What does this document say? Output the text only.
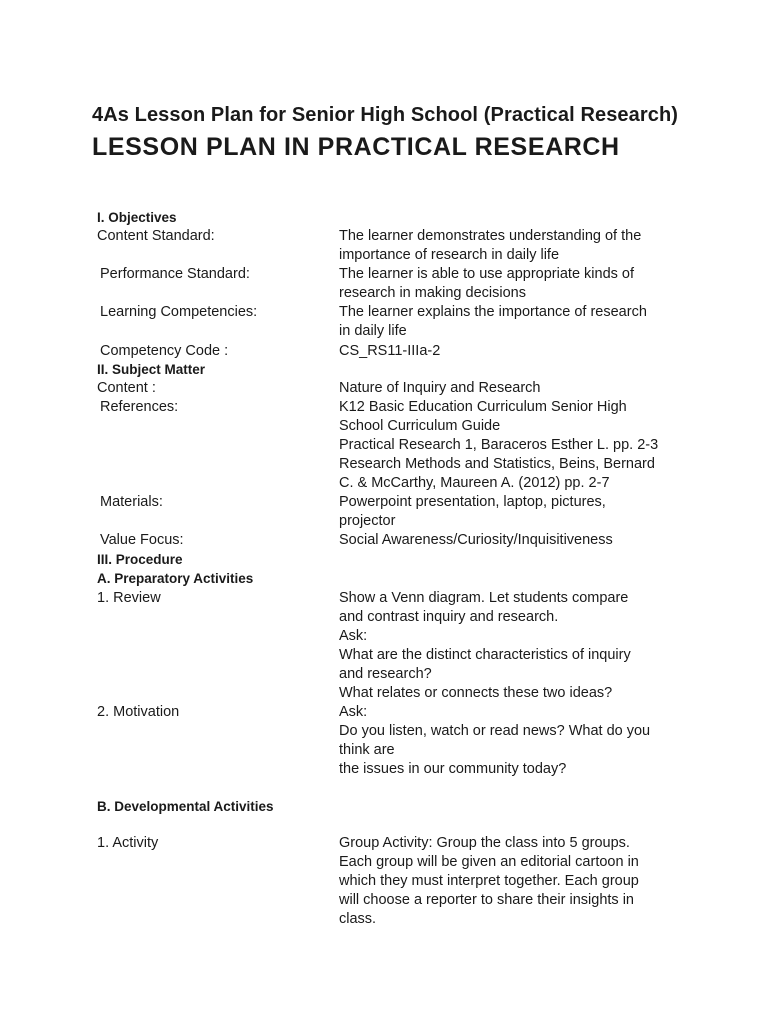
4As Lesson Plan for Senior High School (Practical Research)
LESSON PLAN IN PRACTICAL RESEARCH
I. Objectives
Content Standard:	The learner demonstrates understanding of the
importance of research in daily life
Performance Standard:	The learner is able to use appropriate kinds of
research in making decisions
Learning Competencies:	The learner explains the importance of research
in daily life
Competency Code :	CS_RS11-IIIa-2
II. Subject Matter
Content :	Nature of Inquiry and Research
References:	K12 Basic Education Curriculum Senior High
School Curriculum Guide
Practical Research 1, Baraceros Esther L. pp. 2-3
Research Methods and Statistics, Beins, Bernard
C. & McCarthy, Maureen A. (2012) pp. 2-7
Materials:	Powerpoint presentation, laptop, pictures,
projector
Value Focus:	Social Awareness/Curiosity/Inquisitiveness
III. Procedure
A. Preparatory Activities
1. Review	Show a Venn diagram. Let students compare
and contrast inquiry and research.
Ask:
What are the distinct characteristics of inquiry
and research?
What relates or connects these two ideas?
2. Motivation	Ask:
Do you listen, watch or read news? What do you
think are
the issues in our community today?
B. Developmental Activities
1. Activity	Group Activity: Group the class into 5 groups.
Each group will be given an editorial cartoon in
which they must interpret together. Each group
will choose a reporter to share their insights in
class.
